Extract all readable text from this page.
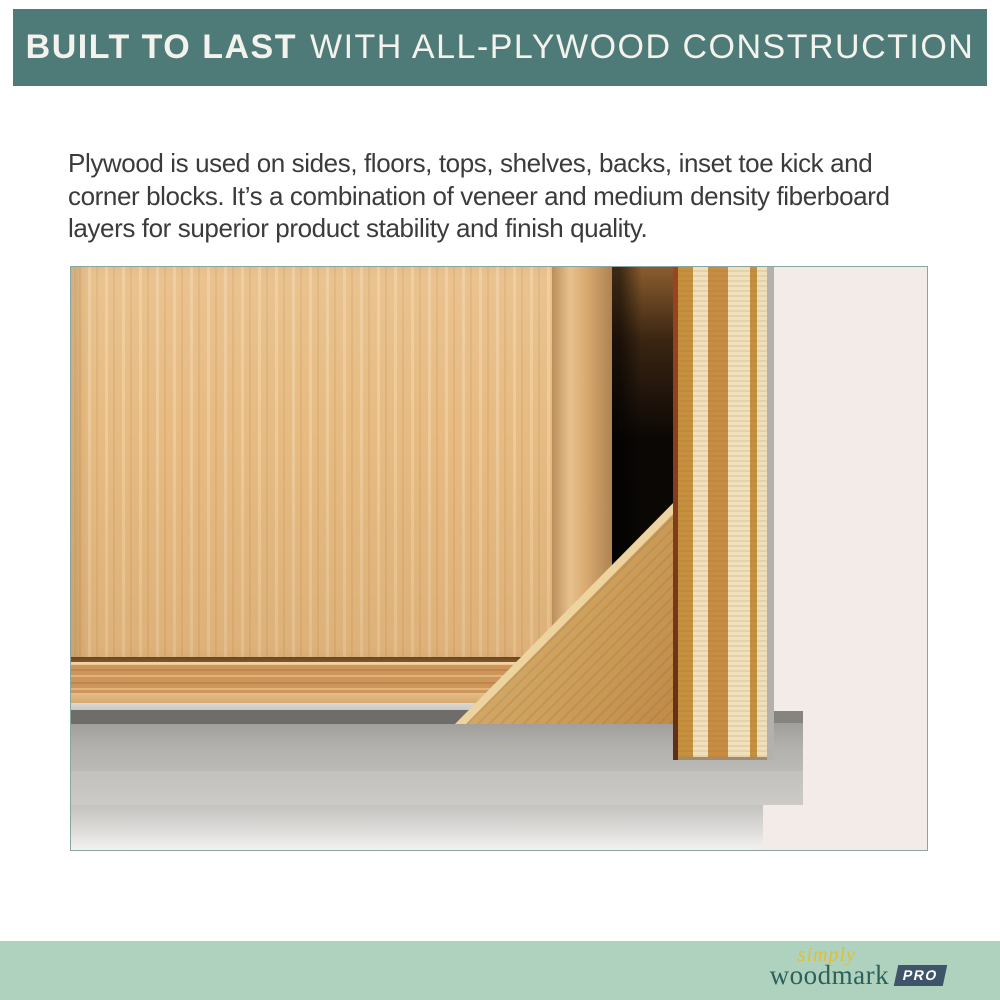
BUILT TO LAST WITH ALL-PLYWOOD CONSTRUCTION
Plywood is used on sides, floors, tops, shelves, backs, inset toe kick and
corner blocks. It’s a combination of veneer and medium density fiberboard
layers for superior product stability and finish quality.
simply
woodmark PRO
